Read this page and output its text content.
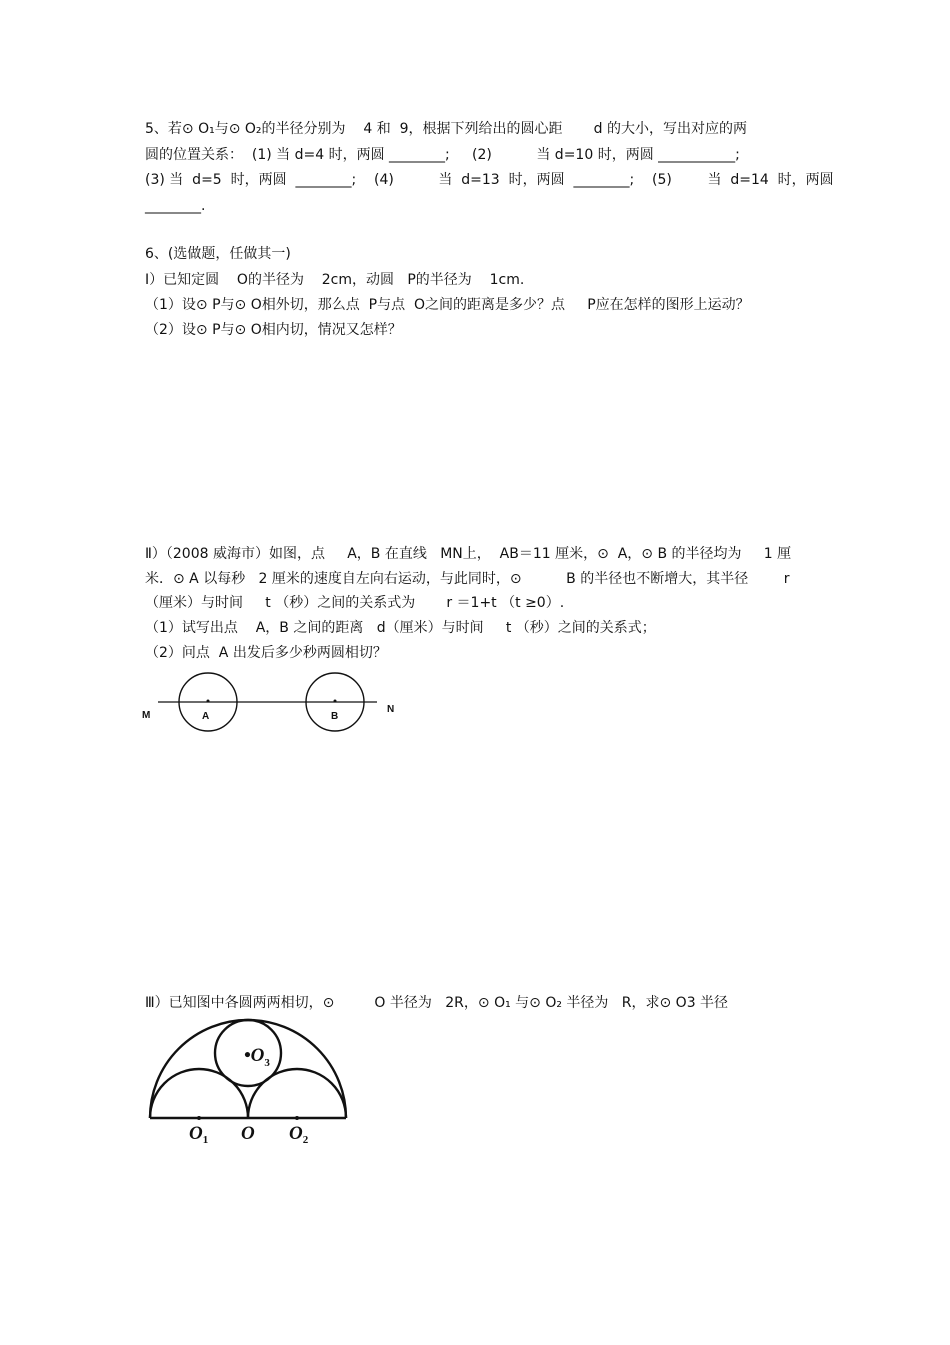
5、若⊙ O₁与⊙ O₂的半径分别为    4 和  9，根据下列给出的圆心距       d 的大小，写出对应的两
圆的位置关系：  (1) 当 d=4 时，两圆 ________;     (2)          当 d=10 时，两圆 ___________;
(3) 当  d=5  时，两圆  ________;    (4)          当  d=13  时，两圆  ________;    (5)        当  d=14  时，两圆
________.
6、(选做题，任做其一)
Ⅰ）已知定圆    O的半径为    2cm，动圆   P的半径为    1cm.
（1）设⊙ P与⊙ O相外切，那么点  P与点  O之间的距离是多少？点     P应在怎样的图形上运动？
（2）设⊙ P与⊙ O相内切，情况又怎样？
Ⅱ）（2008 威海市）如图，点     A，B 在直线   MN上，  AB＝11 厘米，⊙  A，⊙ B 的半径均为     1 厘
米．⊙ A 以每秒   2 厘米的速度自左向右运动，与此同时，⊙          B 的半径也不断增大，其半径        r
（厘米）与时间     t （秒）之间的关系式为       r ＝1+t （t ≥0）.
（1）试写出点    A，B 之间的距离   d（厘米）与时间     t （秒）之间的关系式；
（2）问点  A 出发后多少秒两圆相切？
M	A	B
N
Ⅲ）已知图中各圆两两相切，⊙         O 半径为   2R，⊙ O₁ 与⊙ O₂ 半径为   R，求⊙ O3 半径
$•O_3$
$O_1$ O $O_2$
